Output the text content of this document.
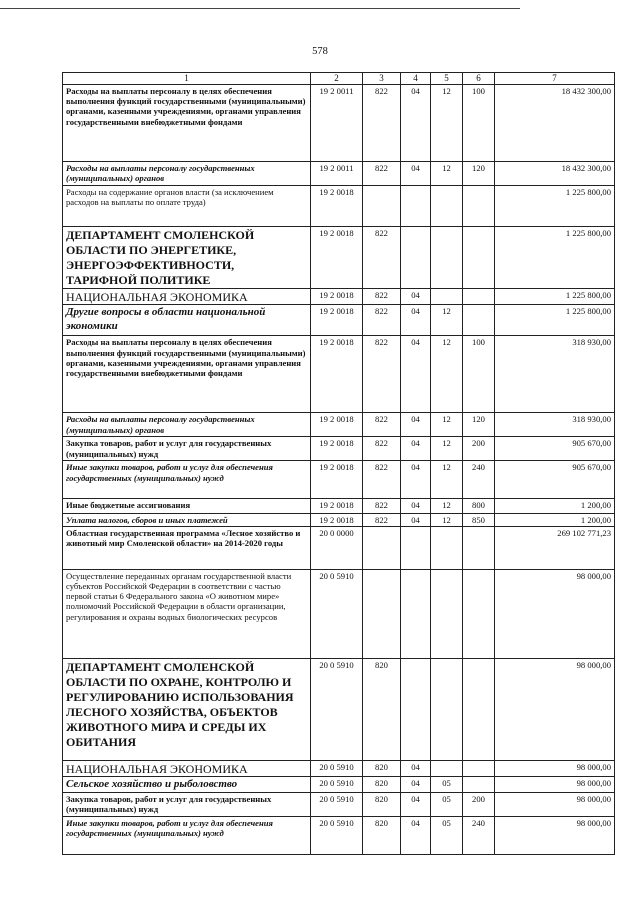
578
1	2	3	4	5	6	7
Расходы на выплаты персоналу в целях обеспечения выполнения функций государственными (муниципальными) органами, казенными учреждениями, органами управления государственными внебюджетными фондами	19 2 0011	822	04	12	100	18 432 300,00
Расходы на выплаты персоналу государственных (муниципальных) органов	19 2 0011	822	04	12	120	18 432 300,00
Расходы на содержание органов власти (за исключением расходов на выплаты по оплате труда)	19 2 0018					1 225 800,00
ДЕПАРТАМЕНТ СМОЛЕНСКОЙ ОБЛАСТИ ПО ЭНЕРГЕТИКЕ, ЭНЕРГОЭФФЕКТИВНОСТИ, ТАРИФНОЙ ПОЛИТИКЕ	19 2 0018	822				1 225 800,00
НАЦИОНАЛЬНАЯ ЭКОНОМИКА	19 2 0018	822	04			1 225 800,00
Другие вопросы в области национальной экономики	19 2 0018	822	04	12		1 225 800,00
Расходы на выплаты персоналу в целях обеспечения выполнения функций государственными (муниципальными) органами, казенными учреждениями, органами управления государственными внебюджетными фондами	19 2 0018	822	04	12	100	318 930,00
Расходы на выплаты персоналу государственных (муниципальных) органов	19 2 0018	822	04	12	120	318 930,00
Закупка товаров, работ и услуг для государственных (муниципальных) нужд	19 2 0018	822	04	12	200	905 670,00
Иные закупки товаров, работ и услуг для обеспечения государственных (муниципальных) нужд	19 2 0018	822	04	12	240	905 670,00
Иные бюджетные ассигнования	19 2 0018	822	04	12	800	1 200,00
Уплата налогов, сборов и иных платежей	19 2 0018	822	04	12	850	1 200,00
Областная государственная программа «Лесное хозяйство и животный мир Смоленской области» на 2014-2020 годы	20 0 0000					269 102 771,23
Осуществление переданных органам государственной власти субъектов Российской Федерации в соответствии с частью первой статьи 6 Федерального закона «О животном мире» полномочий Российской Федерации в области организации, регулирования и охраны водных биологических ресурсов	20 0 5910					98 000,00
ДЕПАРТАМЕНТ СМОЛЕНСКОЙ ОБЛАСТИ ПО ОХРАНЕ, КОНТРОЛЮ И РЕГУЛИРОВАНИЮ ИСПОЛЬЗОВАНИЯ ЛЕСНОГО ХОЗЯЙСТВА, ОБЪЕКТОВ ЖИВОТНОГО МИРА И СРЕДЫ ИХ ОБИТАНИЯ	20 0 5910	820				98 000,00
НАЦИОНАЛЬНАЯ ЭКОНОМИКА	20 0 5910	820	04			98 000,00
Сельское хозяйство и рыболовство	20 0 5910	820	04	05		98 000,00
Закупка товаров, работ и услуг для государственных (муниципальных) нужд	20 0 5910	820	04	05	200	98 000,00
Иные закупки товаров, работ и услуг для обеспечения государственных (муниципальных) нужд	20 0 5910	820	04	05	240	98 000,00
